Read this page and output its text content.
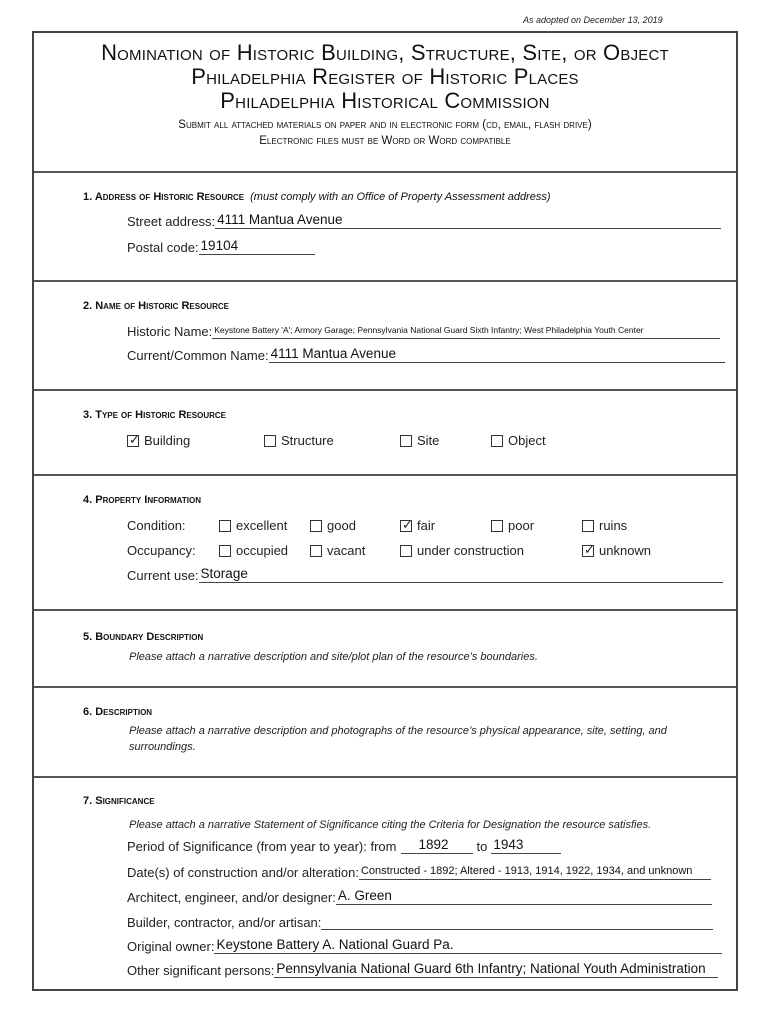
As adopted on December 13, 2019
Nomination of Historic Building, Structure, Site, or Object
Philadelphia Register of Historic Places
Philadelphia Historical Commission
Submit all attached materials on paper and in electronic form (cd, email, flash drive)
Electronic files must be Word or Word compatible
1. Address of Historic Resource (must comply with an Office of Property Assessment address)
Street address: 4111 Mantua Avenue
Postal code: 19104
2. Name of Historic Resource
Historic Name: Keystone Battery 'A'; Armory Garage; Pennsylvania National Guard Sixth Infantry; West Philadelphia Youth Center
Current/Common Name: 4111 Mantua Avenue
3. Type of Historic Resource
✓ Building	Structure	Site	Object
4. Property Information
Condition:	excellent	good	✓ fair	poor	ruins
Occupancy:	occupied	vacant	under construction	✓ unknown
Current use: Storage
5. Boundary Description
Please attach a narrative description and site/plot plan of the resource’s boundaries.
6. Description
Please attach a narrative description and photographs of the resource’s physical appearance, site, setting, and surroundings.
7. Significance
Please attach a narrative Statement of Significance citing the Criteria for Designation the resource satisfies.
Period of Significance (from year to year): from 1892 to 1943
Date(s) of construction and/or alteration: Constructed - 1892; Altered - 1913, 1914, 1922, 1934, and unknown
Architect, engineer, and/or designer: A. Green
Builder, contractor, and/or artisan:
Original owner: Keystone Battery A. National Guard Pa.
Other significant persons: Pennsylvania National Guard 6th Infantry; National Youth Administration
